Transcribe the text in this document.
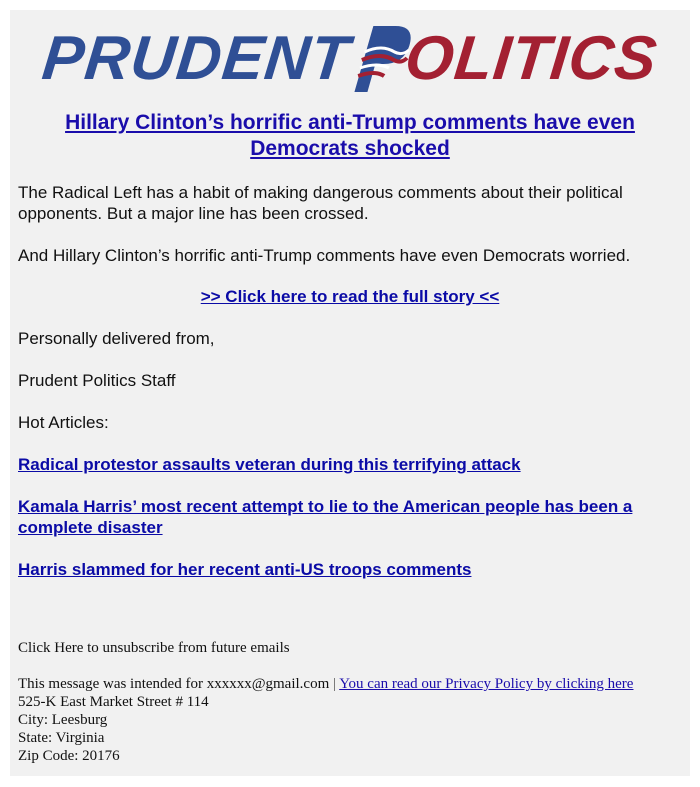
PRUDENT OLITICS
Hillary Clinton’s horrific anti-Trump comments have even Democrats shocked

The Radical Left has a habit of making dangerous comments about their political opponents. But a major line has been crossed.

And Hillary Clinton’s horrific anti-Trump comments have even Democrats worried.

>> Click here to read the full story <<

Personally delivered from,

Prudent Politics Staff

Hot Articles:

Radical protestor assaults veteran during this terrifying attack
Kamala Harris’ most recent attempt to lie to the American people has been a complete disaster
Harris slammed for her recent anti-US troops comments
Click Here to unsubscribe from future emails
This message was intended for xxxxxx@gmail.com | You can read our Privacy Policy by clicking here
525-K East Market Street # 114
City: Leesburg
State: Virginia
Zip Code: 20176
